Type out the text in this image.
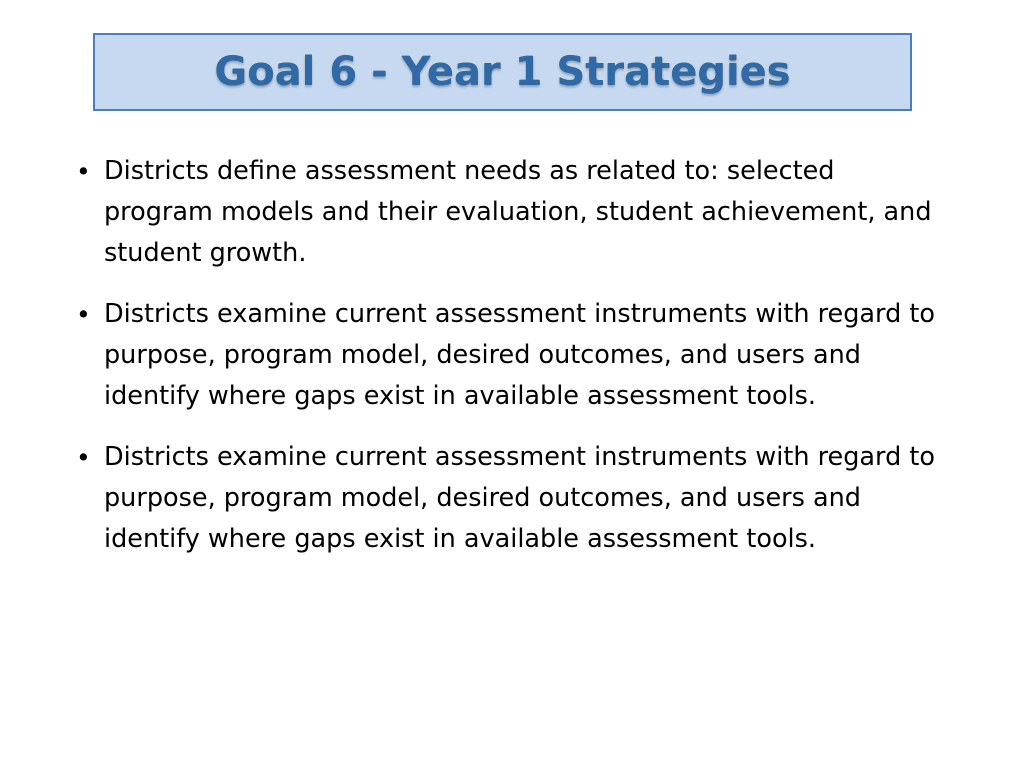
Goal 6 - Year 1 Strategies
• Districts define assessment needs as related to: selected program models and their evaluation, student achievement, and student growth.
• Districts examine current assessment instruments with regard to purpose, program model, desired outcomes, and users and identify where gaps exist in available assessment tools.
• Districts examine current assessment instruments with regard to purpose, program model, desired outcomes, and users and identify where gaps exist in available assessment tools.
